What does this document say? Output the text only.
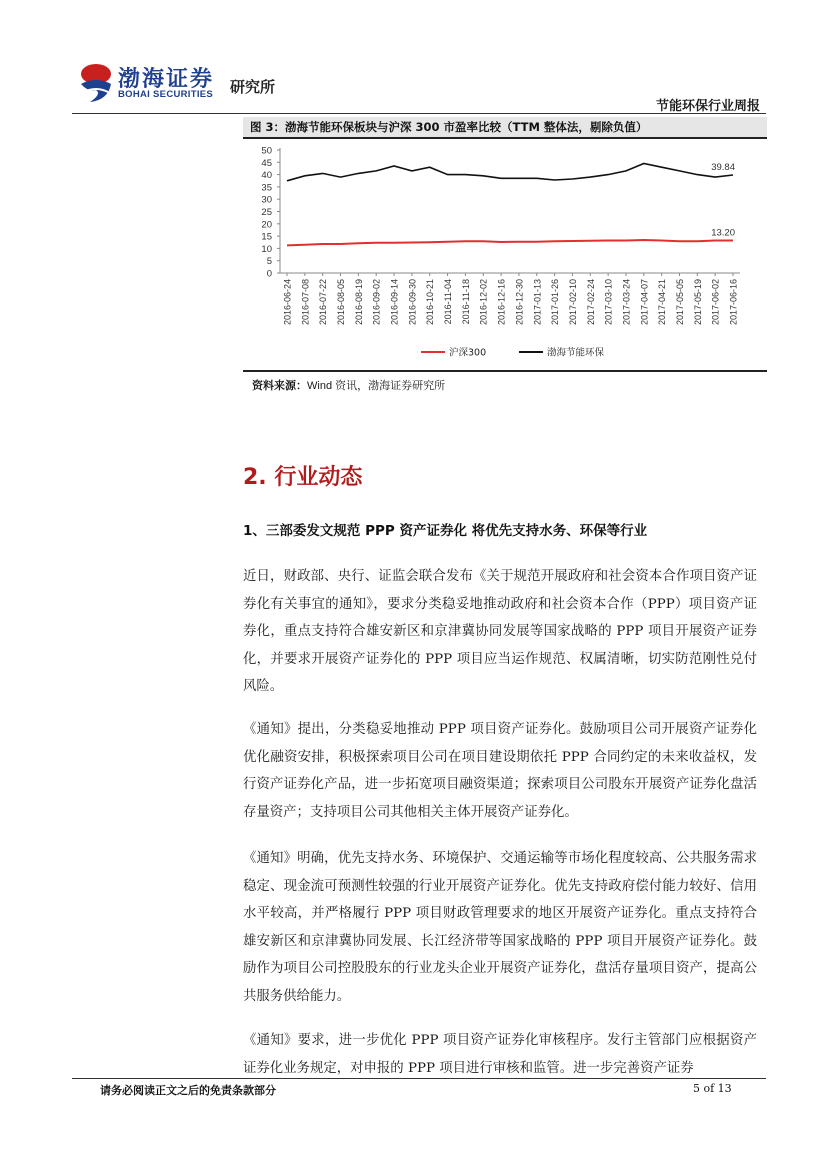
渤海证券
BOHAI SECURITIES 研究所
节能环保行业周报
图 3：渤海节能环保板块与沪深 300 市盈率比较（TTM 整体法，剔除负值）
0
5
10
15
20
25
30
35
40
45
50
2016-06-24 2016-07-08 2016-07-22 2016-08-05 2016-08-19 2016-09-02 2016-09-14 2016-09-30 2016-10-21 2016-11-04 2016-11-18 2016-12-02 2016-12-16 2016-12-30 2017-01-13 2017-01-26 2017-02-10 2017-02-24 2017-03-10 2017-03-24 2017-04-07 2017-04-21 2017-05-05 2017-05-19 2017-06-02 2017-06-16
13.20
39.84
沪深300	渤海节能环保
资料来源：Wind 资讯，渤海证券研究所
2. 行业动态
1、三部委发文规范 PPP 资产证券化 将优先支持水务、环保等行业
近日，财政部、央行、证监会联合发布《关于规范开展政府和社会资本合作项目资产证券化有关事宜的通知》，要求分类稳妥地推动政府和社会资本合作（PPP）项目资产证券化，重点支持符合雄安新区和京津冀协同发展等国家战略的 PPP 项目开展资产证券化，并要求开展资产证券化的 PPP 项目应当运作规范、权属清晰，切实防范刚性兑付风险。
《通知》提出，分类稳妥地推动 PPP 项目资产证券化。鼓励项目公司开展资产证券化优化融资安排，积极探索项目公司在项目建设期依托 PPP 合同约定的未来收益权，发行资产证券化产品，进一步拓宽项目融资渠道；探索项目公司股东开展资产证券化盘活存量资产；支持项目公司其他相关主体开展资产证券化。
《通知》明确，优先支持水务、环境保护、交通运输等市场化程度较高、公共服务需求稳定、现金流可预测性较强的行业开展资产证券化。优先支持政府偿付能力较好、信用水平较高，并严格履行 PPP 项目财政管理要求的地区开展资产证券化。重点支持符合雄安新区和京津冀协同发展、长江经济带等国家战略的 PPP 项目开展资产证券化。鼓励作为项目公司控股股东的行业龙头企业开展资产证券化，盘活存量项目资产，提高公共服务供给能力。
《通知》要求，进一步优化 PPP 项目资产证券化审核程序。发行主管部门应根据资产证券化业务规定，对申报的 PPP 项目进行审核和监管。进一步完善资产证券
请务必阅读正文之后的免责条款部分	5 of 13
